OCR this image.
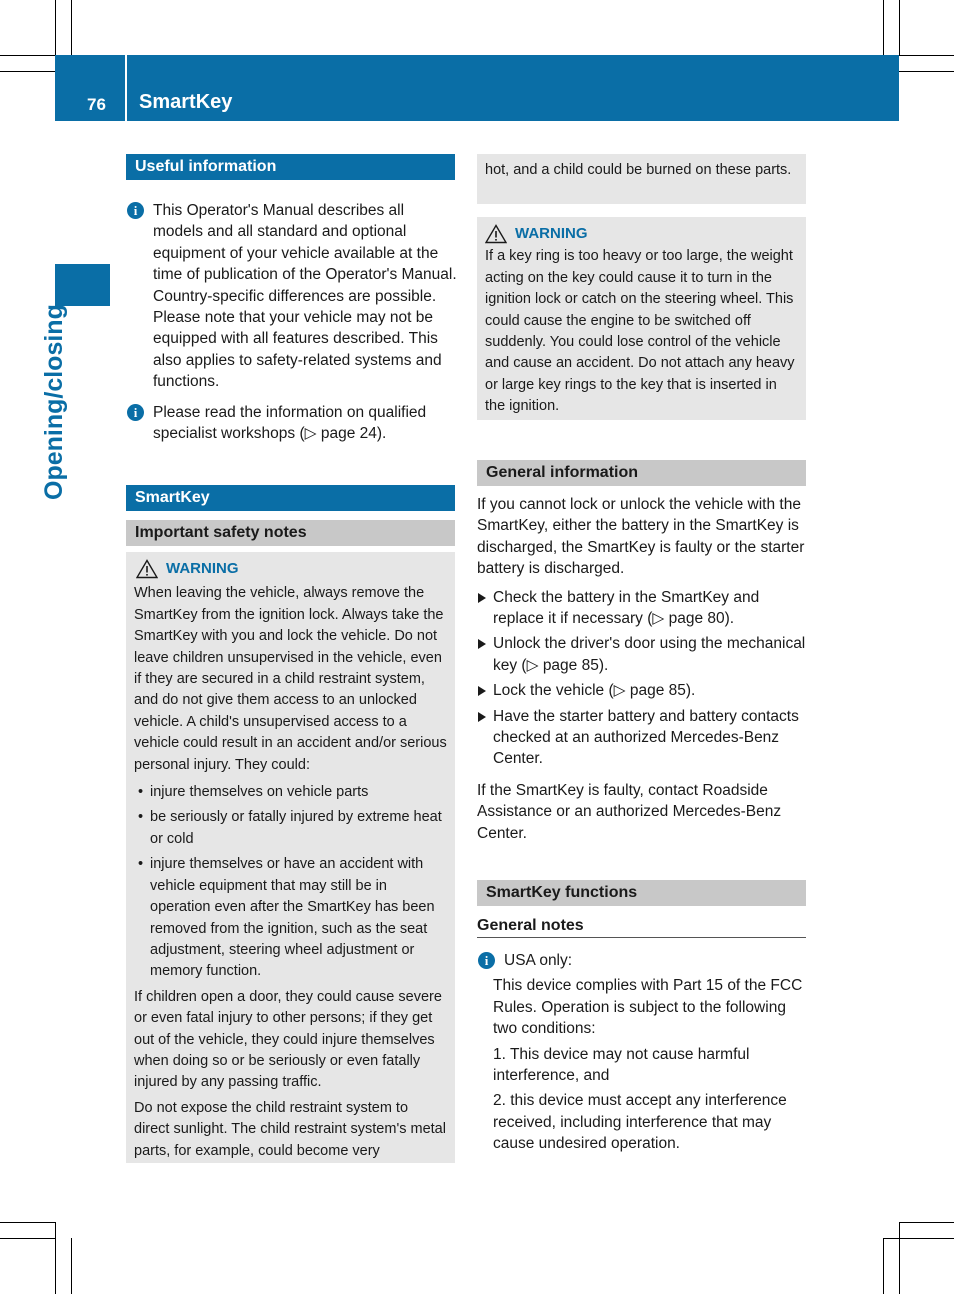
76 SmartKey
Opening/closing
Useful information
i	This Operator's Manual describes all models and all standard and optional equipment of your vehicle available at the time of publication of the Operator's Manual. Country-specific differences are possible. Please note that your vehicle may not be equipped with all features described. This also applies to safety-related systems and functions.

i	Please read the information on qualified specialist workshops (▷ page 24).

SmartKey
Important safety notes
WARNING

When leaving the vehicle, always remove the SmartKey from the ignition lock. Always take the SmartKey with you and lock the vehicle. Do not leave children unsupervised in the vehicle, even if they are secured in a child restraint system, and do not give them access to an unlocked vehicle. A child's unsupervised access to a vehicle could result in an accident and/or serious personal injury. They could:

• injure themselves on vehicle parts
• be seriously or fatally injured by extreme heat or cold
• injure themselves or have an accident with vehicle equipment that may still be in operation even after the SmartKey has been removed from the ignition, such as the seat adjustment, steering wheel adjustment or memory function.

If children open a door, they could cause severe or even fatal injury to other persons; if they get out of the vehicle, they could injure themselves when doing so or be seriously or even fatally injured by any passing traffic.

Do not expose the child restraint system to direct sunlight. The child restraint system's metal parts, for example, could become very

hot, and a child could be burned on these parts.

WARNING

If a key ring is too heavy or too large, the weight acting on the key could cause it to turn in the ignition lock or catch on the steering wheel. This could cause the engine to be switched off suddenly. You could lose control of the vehicle and cause an accident. Do not attach any heavy or large key rings to the key that is inserted in the ignition.

General information

If you cannot lock or unlock the vehicle with the SmartKey, either the battery in the SmartKey is discharged, the SmartKey is faulty or the starter battery is discharged.

Check the battery in the SmartKey and replace it if necessary (▷ page 80).
Unlock the driver's door using the mechanical key (▷ page 85).
Lock the vehicle (▷ page 85).
Have the starter battery and battery contacts checked at an authorized Mercedes-Benz Center.

If the SmartKey is faulty, contact Roadside Assistance or an authorized Mercedes-Benz Center.

SmartKey functions
General notes
i	USA only:

This device complies with Part 15 of the FCC Rules. Operation is subject to the following two conditions:

1. This device may not cause harmful interference, and

2. this device must accept any interference received, including interference that may cause undesired operation.
